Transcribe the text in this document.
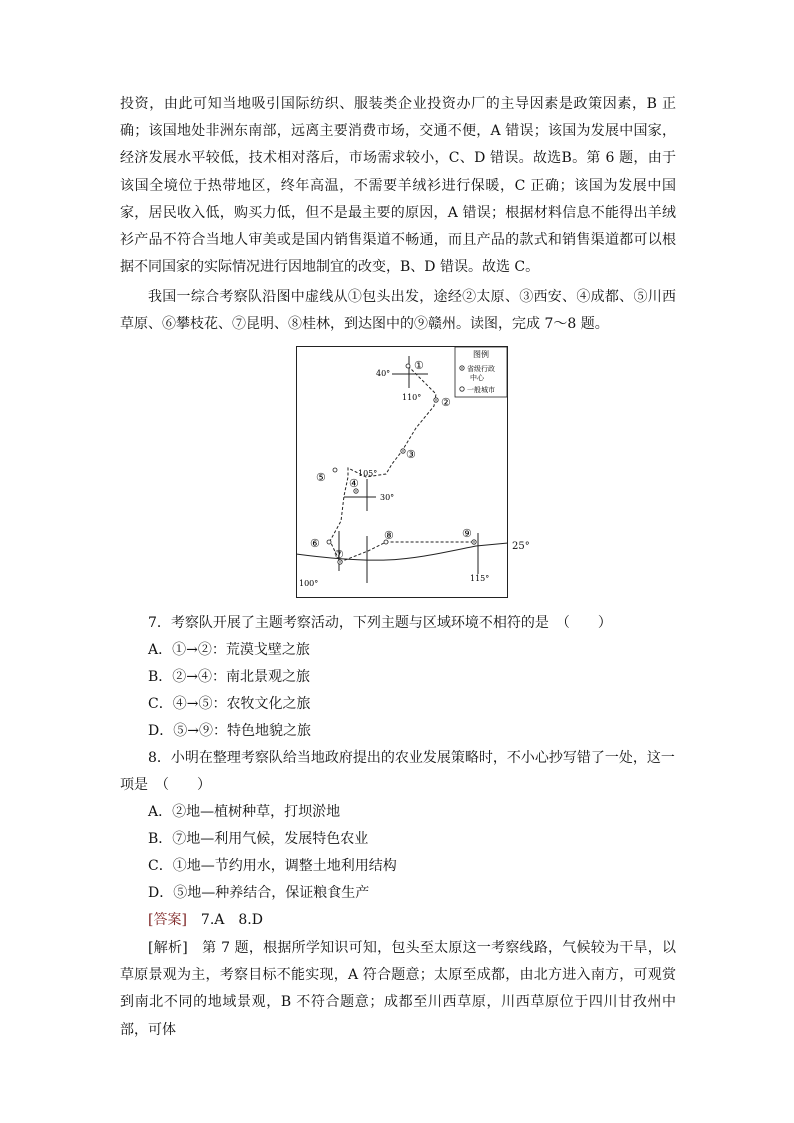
投资，由此可知当地吸引国际纺织、服装类企业投资办厂的主导因素是政策因素，B 正确；该国地处非洲东南部，远离主要消费市场，交通不便，A 错误；该国为发展中国家，经济发展水平较低，技术相对落后，市场需求较小，C、D 错误。故选B。第 6 题，由于该国全境位于热带地区，终年高温，不需要羊绒衫进行保暖，C 正确；该国为发展中国家，居民收入低，购买力低，但不是最主要的原因，A 错误；根据材料信息不能得出羊绒衫产品不符合当地人审美或是国内销售渠道不畅通，而且产品的款式和销售渠道都可以根据不同国家的实际情况进行因地制宜的改变，B、D 错误。故选 C。

我国一综合考察队沿图中虚线从①包头出发，途经②太原、③西安、④成都、⑤川西草原、⑥攀枝花、⑦昆明、⑧桂林，到达图中的⑨赣州。读图，完成 7～8 题。

图例
省级行政
中心
一般城市
40°
110°
105°
30°
100°
115°
①
②
③
④
⑤
⑥
⑦
⑧	⑨
25°

7．考察队开展了主题考察活动，下列主题与区域环境不相符的是　（　　）

A．①→②：荒漠戈壁之旅

B．②→④：南北景观之旅

C．④→⑤：农牧文化之旅

D．⑤→⑨：特色地貌之旅

8．小明在整理考察队给当地政府提出的农业发展策略时，不小心抄写错了一处，这一

项是　（　　）

A．②地—植树种草，打坝淤地

B．⑦地—利用气候，发展特色农业

C．①地—节约用水，调整土地利用结构

D．⑤地—种养结合，保证粮食生产

[答案]　7.A　8.D

[解析]　第 7 题，根据所学知识可知，包头至太原这一考察线路，气候较为干旱，以草原景观为主，考察目标不能实现，A 符合题意；太原至成都，由北方进入南方，可观赏到南北不同的地域景观，B 不符合题意；成都至川西草原，川西草原位于四川甘孜州中部，可体
